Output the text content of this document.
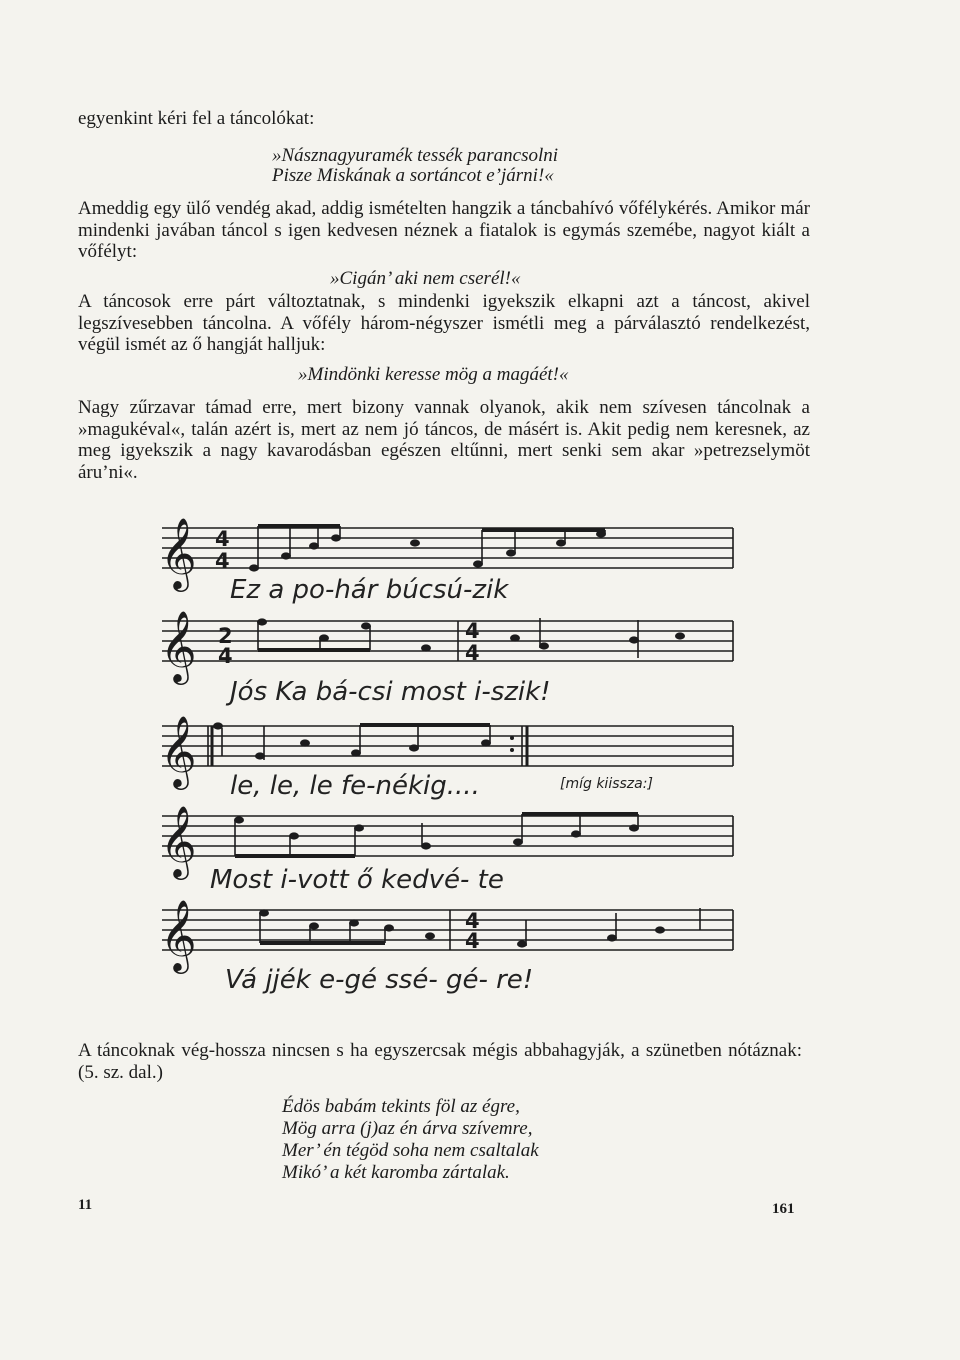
egyenkint kéri fel a táncolókat:
»Násznagyuramék tessék parancsolni
Pisze Miskának a sortáncot e’járni!«
Ameddig egy ülő vendég akad, addig ismételten hangzik a táncbahívó vőfélykérés. Amikor már mindenki javában táncol s igen kedvesen néznek a fiatalok is egymás szemébe, nagyot kiált a vőfélyt:
»Cigán’ aki nem cserél!«
A táncosok erre párt változtatnak, s mindenki igyekszik elkapni azt a táncost, akivel legszívesebben táncolna. A vőfély három-négyszer ismétli meg a párválasztó rendelkezést, végül ismét az ő hangját halljuk:
»Mindönki keresse mög a magáét!«
Nagy zűrzavar támad erre, mert bizony vannak olyanok, akik nem szívesen táncolnak a »magukéval«, talán azért is, mert az nem jó táncos, de másért is. Akit pedig nem keresnek, az meg igyekszik a nagy kavarodásban egészen eltűnni, mert senki sem akar »petrezselymöt áru’ni«.
𝄞 4
4
𝄞 2
4
4
4
𝄞
𝄞
𝄞	4
4
Ez a po-hár búcsú-zik
Jós Ka bá-csi most i-szik!
le, le, le fe-nékig....	[míg kiissza:]
Most i-vott ő kedvé- te
Vá jjék e-gé ssé- gé- re!
A táncoknak vég-hossza nincsen s ha egyszercsak mégis abbahagyják, a szünetben nótáznak: (5. sz. dal.)
Édös babám tekints föl az égre,
Mög arra (j)az én árva szívemre,
Mer’ én tégöd soha nem csaltalak
Mikó’ a két karomba zártalak.
11	161
